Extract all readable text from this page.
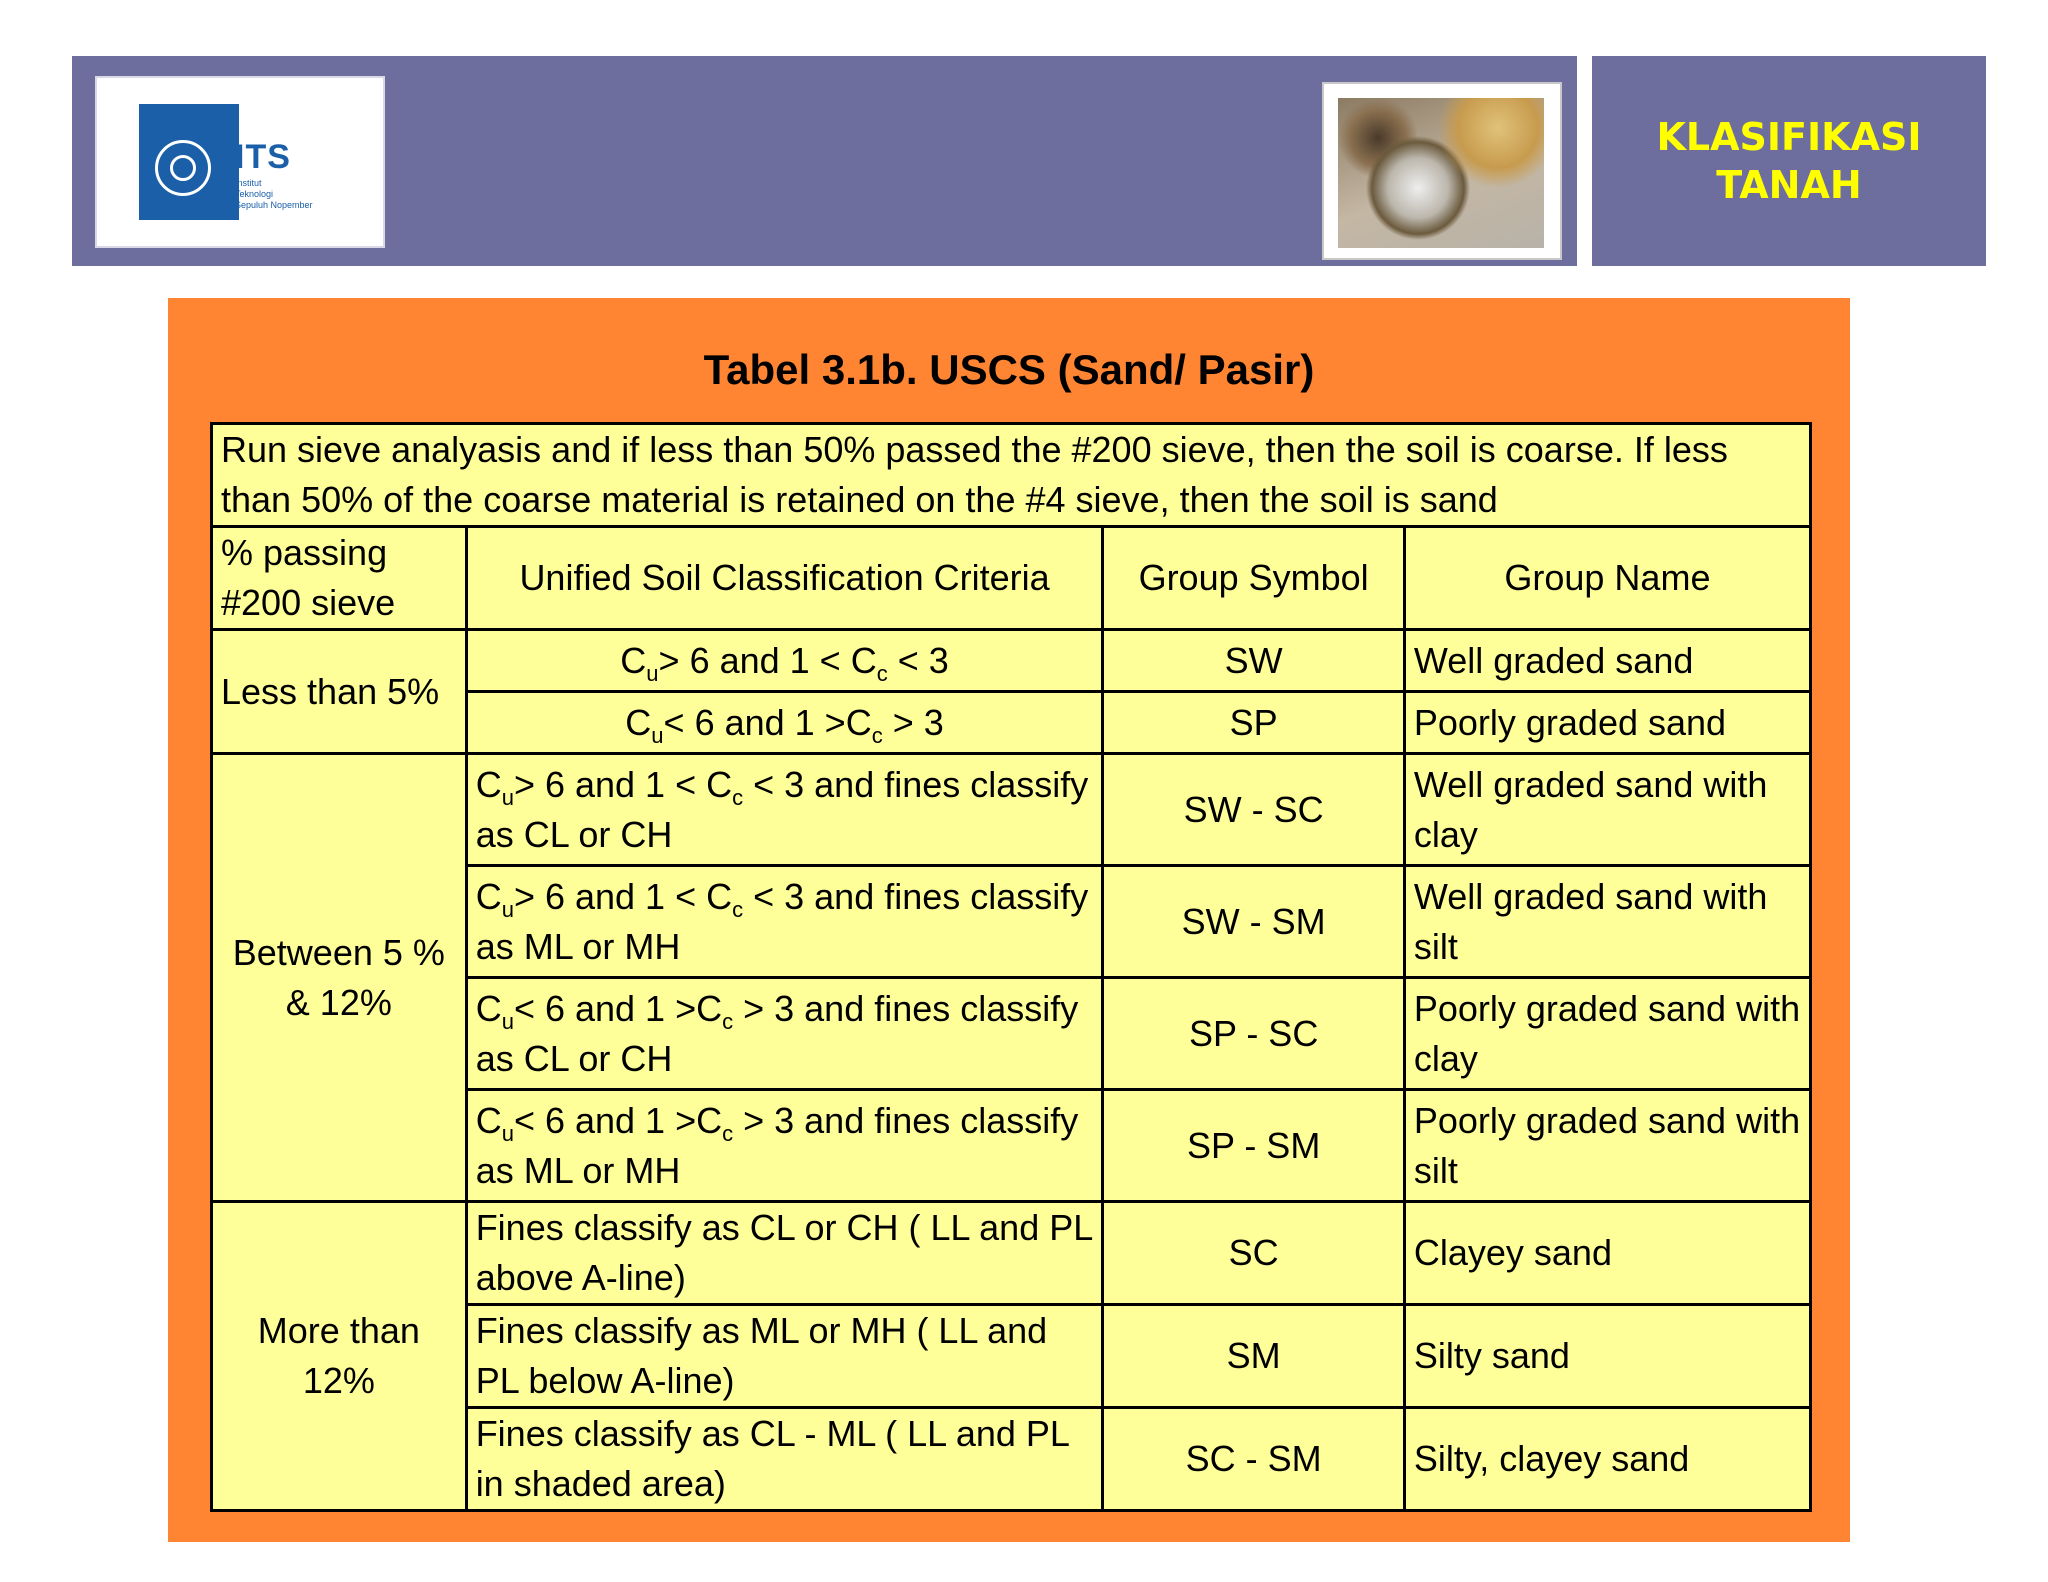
KLASIFIKASI
TANAH
ITS
Institut
Teknologi
Sepuluh Nopember
Tabel 3.1b. USCS (Sand/ Pasir)
Run sieve analyasis and if less than 50% passed the #200 sieve, then the soil is coarse. If less than 50% of the coarse material is retained on the #4 sieve, then the soil is sand			
% passing #200 sieve	Unified Soil Classification Criteria	Group Symbol	Group Name
Less than 5%	$C_u> 6$ and $1 < C_c < 3$	SW	Well graded sand
	$C_u< 6$ and $1 >C_c > 3$	SP	Poorly graded sand
Between 5 % & 12%	$C_u> 6$ and $1 < C_c < 3$ and fines classify as CL or CH	SW - SC	Well graded sand with clay
	$C_u> 6$ and $1 < C_c < 3$ and fines classify as ML or MH	SW - SM	Well graded sand with silt
	$C_u< 6$ and $1 >C_c > 3$ and fines classify as CL or CH	SP - SC	Poorly graded sand with clay
	$C_u< 6$ and $1 >C_c > 3$ and fines classify as ML or MH	SP - SM	Poorly graded sand with silt
More than 12%	Fines classify as CL or CH ( LL and PL above A-line)	SC	Clayey sand
	Fines classify as ML or MH ( LL and PL below A-line)	SM	Silty sand
	Fines classify as CL - ML ( LL and PL in shaded area)	SC - SM	Silty, clayey sand
